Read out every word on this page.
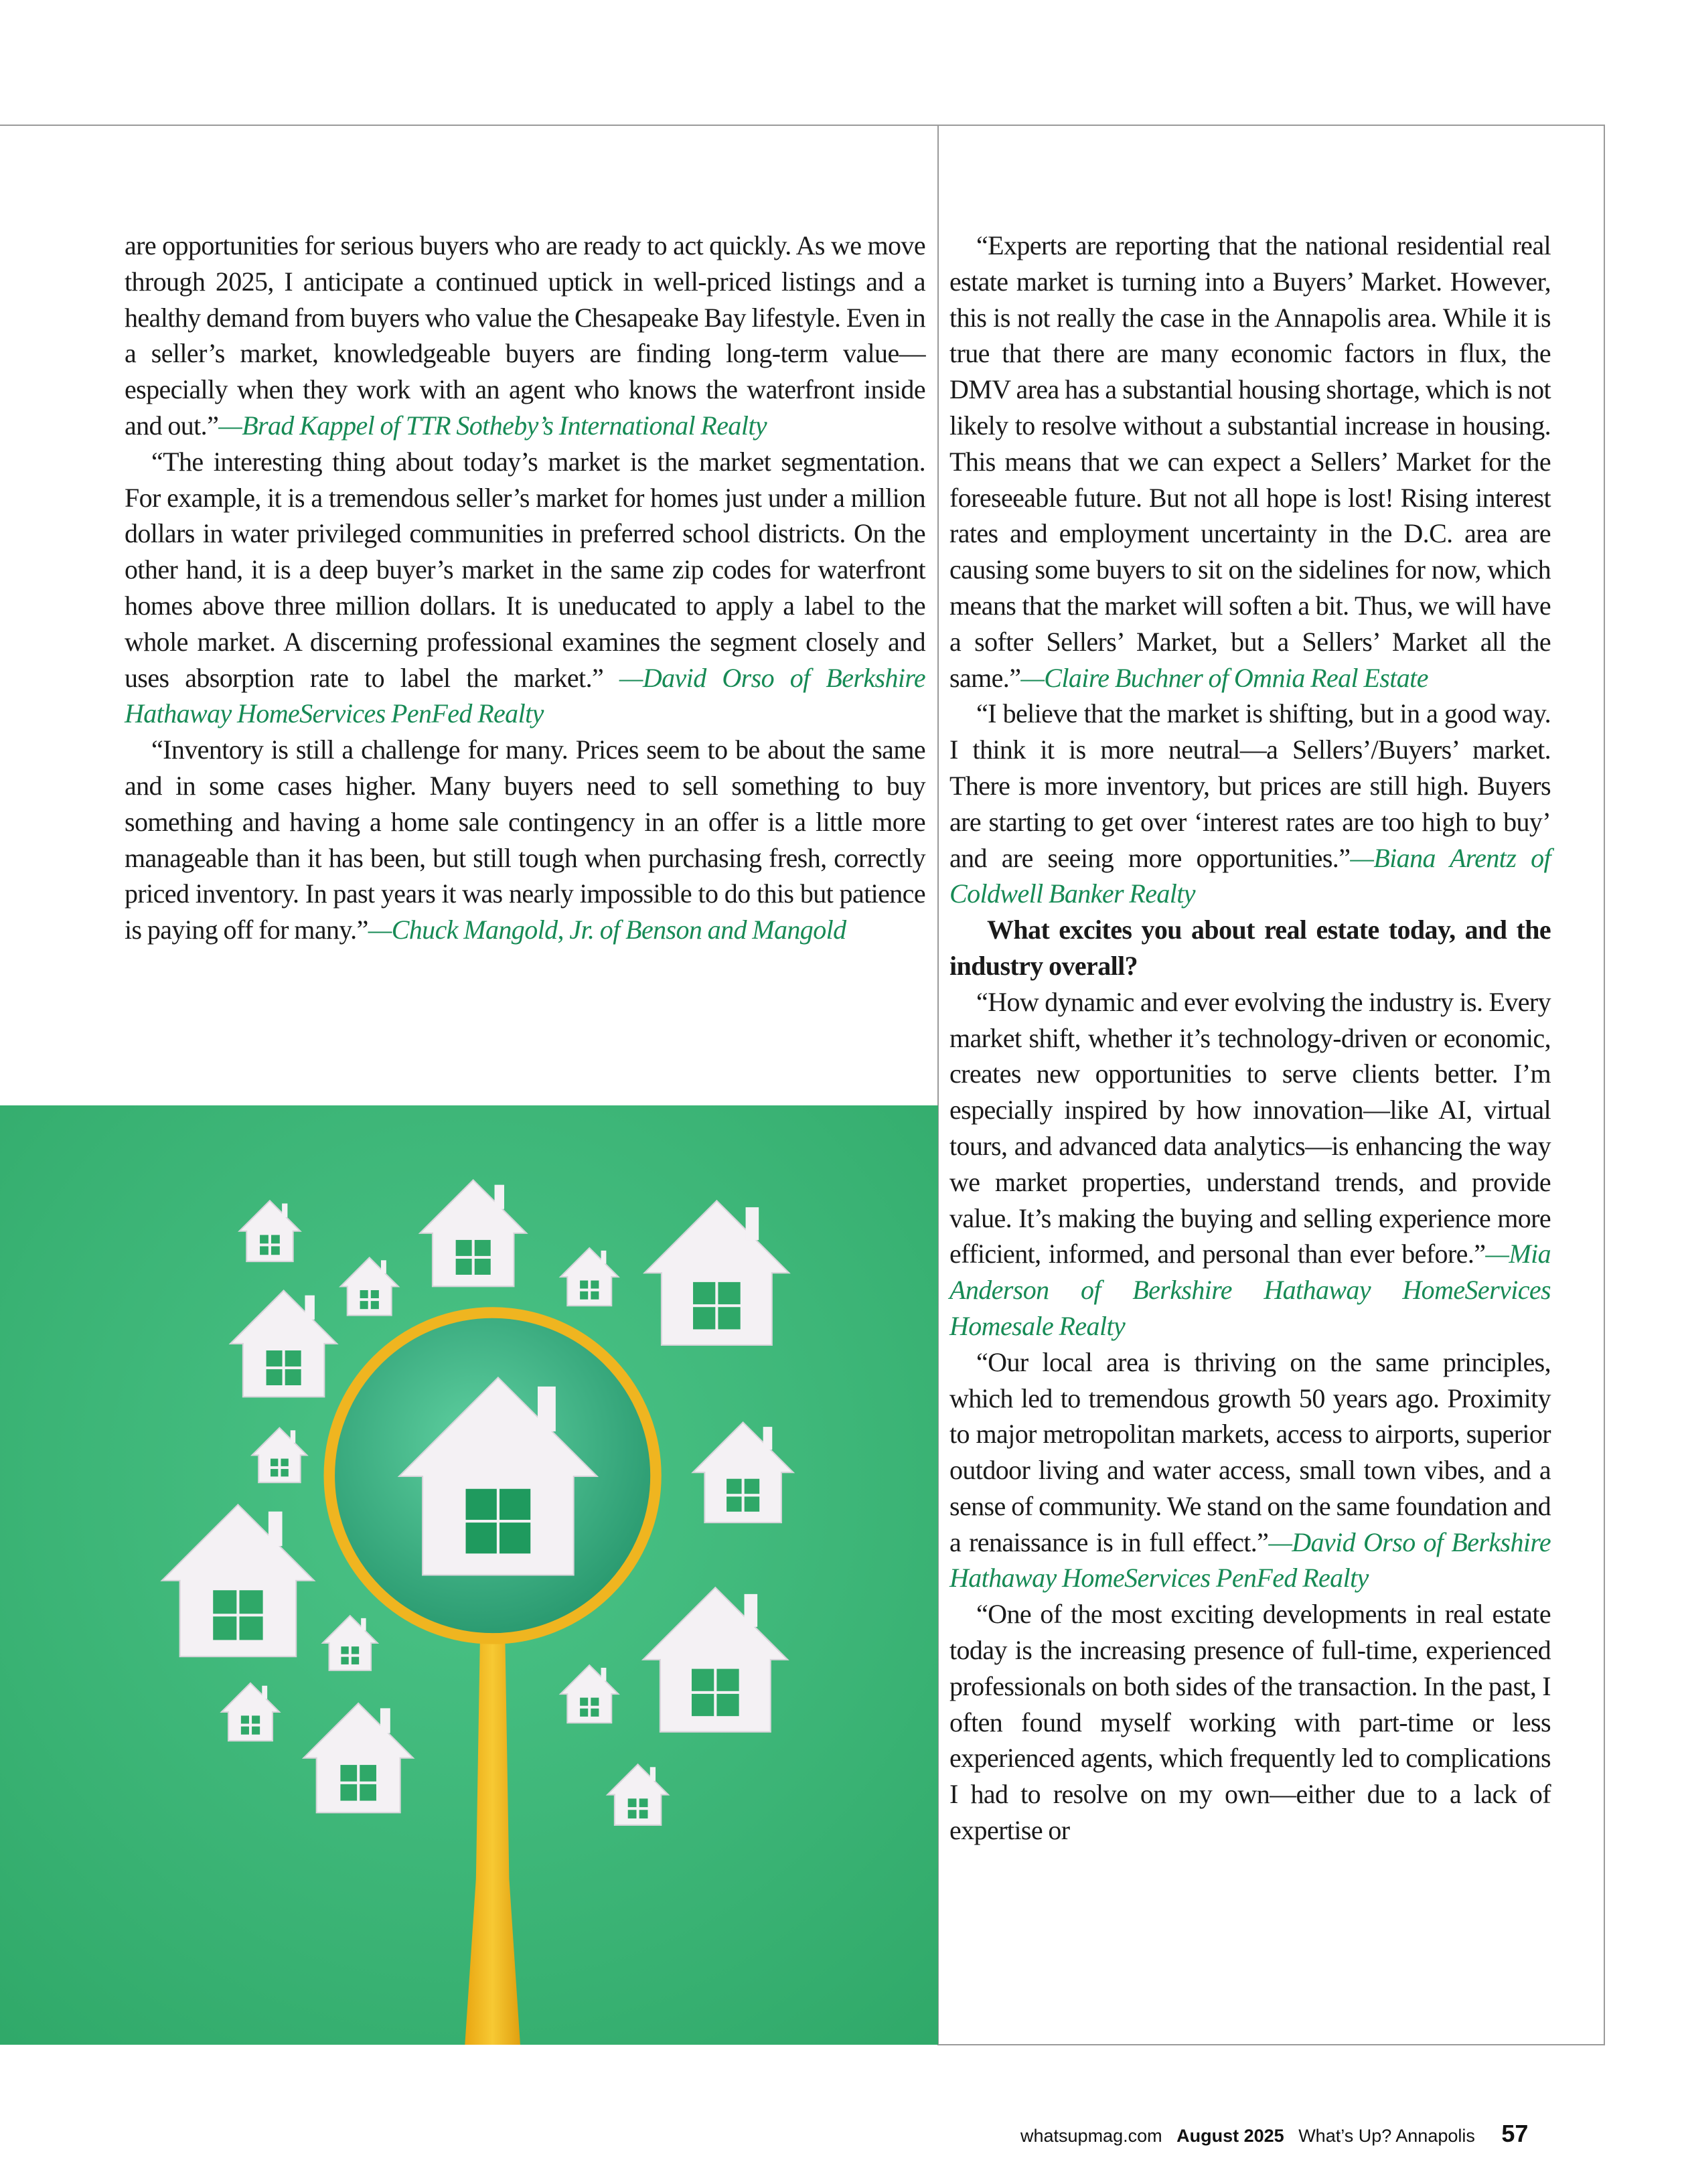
are opportunities for serious buyers who are ready to act quickly. As we move through 2025, I anticipate a continued uptick in well-priced listings and a healthy demand from buyers who value the Chesapeake Bay lifestyle. Even in a seller’s market, knowledgeable buyers are finding long-term value—especially when they work with an agent who knows the waterfront inside and out.”—Brad Kappel of TTR Sotheby’s International Realty

“The interesting thing about today’s market is the market segmentation. For example, it is a tremendous seller’s market for homes just under a million dollars in water privileged communities in preferred school districts. On the other hand, it is a deep buyer’s market in the same zip codes for waterfront homes above three million dollars. It is uneducated to apply a label to the whole market. A discerning professional examines the segment closely and uses absorption rate to label the market.” —David Orso of Berkshire Hathaway HomeServices PenFed Realty

“Inventory is still a challenge for many. Prices seem to be about the same and in some cases higher. Many buyers need to sell something to buy something and having a home sale contingency in an offer is a little more manageable than it has been, but still tough when purchasing fresh, correctly priced inventory. In past years it was nearly impossible to do this but patience is paying off for many.”—Chuck Mangold, Jr. of Benson and Mangold

“Experts are reporting that the national residential real estate market is turning into a Buyers’ Market. However, this is not really the case in the Annapolis area. While it is true that there are many economic factors in flux, the DMV area has a substantial housing shortage, which is not likely to resolve without a substantial increase in housing. This means that we can expect a Sellers’ Market for the foreseeable future. But not all hope is lost! Rising interest rates and employment uncertainty in the D.C. area are causing some buyers to sit on the sidelines for now, which means that the market will soften a bit. Thus, we will have a softer Sellers’ Market, but a Sellers’ Market all the same.”—Claire Buchner of Omnia Real Estate

“I believe that the market is shifting, but in a good way. I think it is more neutral—a Sellers’/Buyers’ market. There is more inventory, but prices are still high. Buyers are starting to get over ‘interest rates are too high to buy’ and are seeing more opportunities.”—Biana Arentz of Coldwell Banker Realty

What excites you about real estate today, and the industry overall?

“How dynamic and ever evolving the industry is. Every market shift, whether it’s technology-driven or economic, creates new opportunities to serve clients better. I’m especially inspired by how innovation—like AI, virtual tours, and advanced data analytics—is enhancing the way we market properties, understand trends, and provide value. It’s making the buying and selling experience more efficient, informed, and personal than ever before.”—Mia Anderson of Berkshire Hathaway HomeServices Homesale Realty

“Our local area is thriving on the same principles, which led to tremendous growth 50 years ago. Proximity to major metropolitan markets, access to airports, superior outdoor living and water access, small town vibes, and a sense of community. We stand on the same foundation and a renaissance is in full effect.”—David Orso of Berkshire Hathaway HomeServices PenFed Realty

“One of the most exciting developments in real estate today is the increasing presence of full-time, experienced professionals on both sides of the transaction. In the past, I often found myself working with part-time or less experienced agents, which frequently led to complications I had to resolve on my own—either due to a lack of expertise or

whatsupmag.com August 2025 What’s Up? Annapolis 57
